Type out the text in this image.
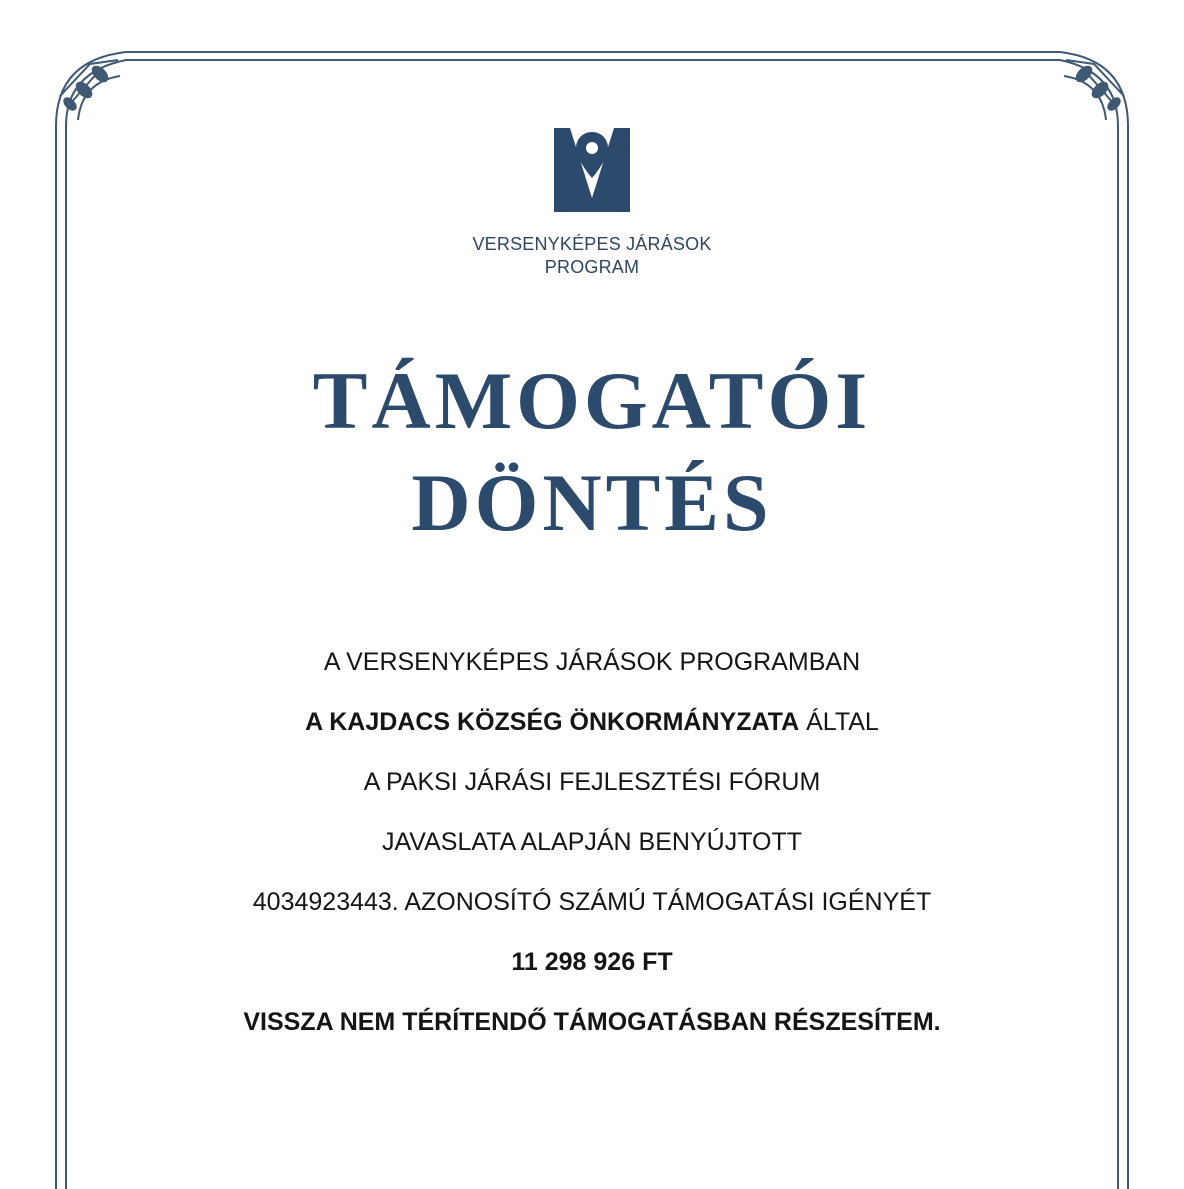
VERSENYKÉPES JÁRÁSOK
PROGRAM
TÁMOGATÓI
DÖNTÉS
A VERSENYKÉPES JÁRÁSOK PROGRAMBAN
A KAJDACS KÖZSÉG ÖNKORMÁNYZATA ÁLTAL
A PAKSI JÁRÁSI FEJLESZTÉSI FÓRUM
JAVASLATA ALAPJÁN BENYÚJTOTT
4034923443. AZONOSÍTÓ SZÁMÚ TÁMOGATÁSI IGÉNYÉT
11 298 926 FT
VISSZA NEM TÉRÍTENDŐ TÁMOGATÁSBAN RÉSZESÍTEM.
